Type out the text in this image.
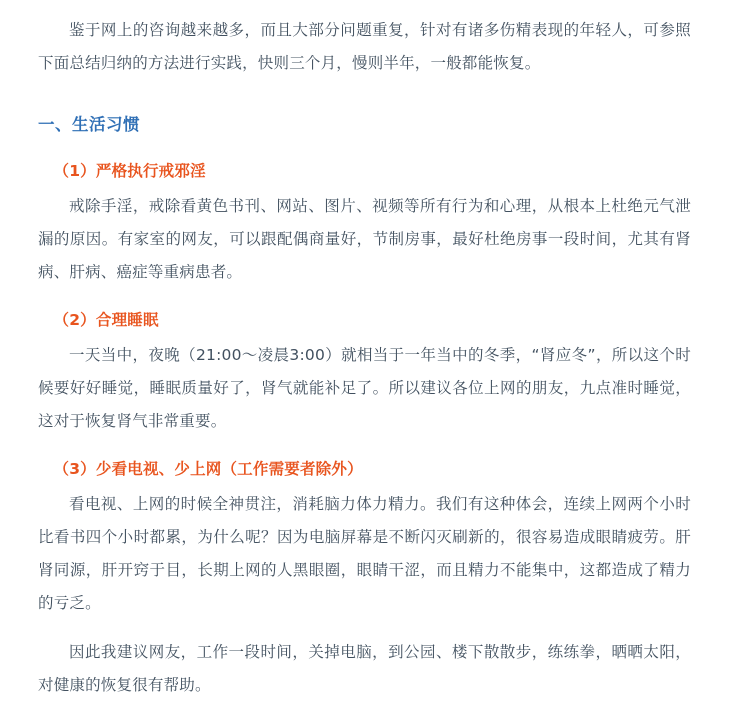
鉴于网上的咨询越来越多，而且大部分问题重复，针对有诸多伤精表现的年轻人，可参照下面总结归纳的方法进行实践，快则三个月，慢则半年，一般都能恢复。

一、生活习惯
（1）严格执行戒邪淫

戒除手淫，戒除看黄色书刊、网站、图片、视频等所有行为和心理，从根本上杜绝元气泄漏的原因。有家室的网友，可以跟配偶商量好，节制房事，最好杜绝房事一段时间，尤其有肾病、肝病、癌症等重病患者。

（2）合理睡眠

一天当中，夜晚（21:00～凌晨3:00）就相当于一年当中的冬季，“肾应冬”，所以这个时候要好好睡觉，睡眠质量好了，肾气就能补足了。所以建议各位上网的朋友，九点准时睡觉，这对于恢复肾气非常重要。

（3）少看电视、少上网（工作需要者除外）

看电视、上网的时候全神贯注，消耗脑力体力精力。我们有这种体会，连续上网两个小时比看书四个小时都累，为什么呢？因为电脑屏幕是不断闪灭刷新的，很容易造成眼睛疲劳。肝肾同源，肝开窍于目，长期上网的人黑眼圈，眼睛干涩，而且精力不能集中，这都造成了精力的亏乏。

因此我建议网友，工作一段时间，关掉电脑，到公园、楼下散散步，练练拳，晒晒太阳，对健康的恢复很有帮助。
